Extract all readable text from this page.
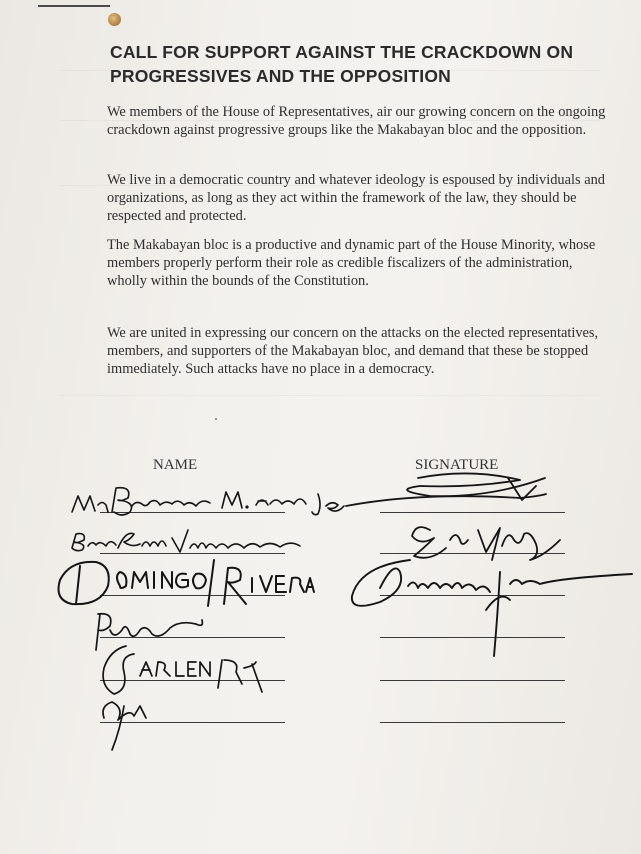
CALL FOR SUPPORT AGAINST THE CRACKDOWN ON PROGRESSIVES AND THE OPPOSITION

We members of the House of Representatives, air our growing concern on the ongoing crackdown against progressive groups like the Makabayan bloc and the opposition.

We live in a democratic country and whatever ideology is espoused by individuals and organizations, as long as they act within the framework of the law, they should be respected and protected.

The Makabayan bloc is a productive and dynamic part of the House Minority, whose members properly perform their role as credible fiscalizers of the administration, wholly within the bounds of the Constitution.

We are united in expressing our concern on the attacks on the elected representatives, members, and supporters of the Makabayan bloc, and demand that these be stopped immediately. Such attacks have no place in a democracy.

NAME	SIGNATURE
